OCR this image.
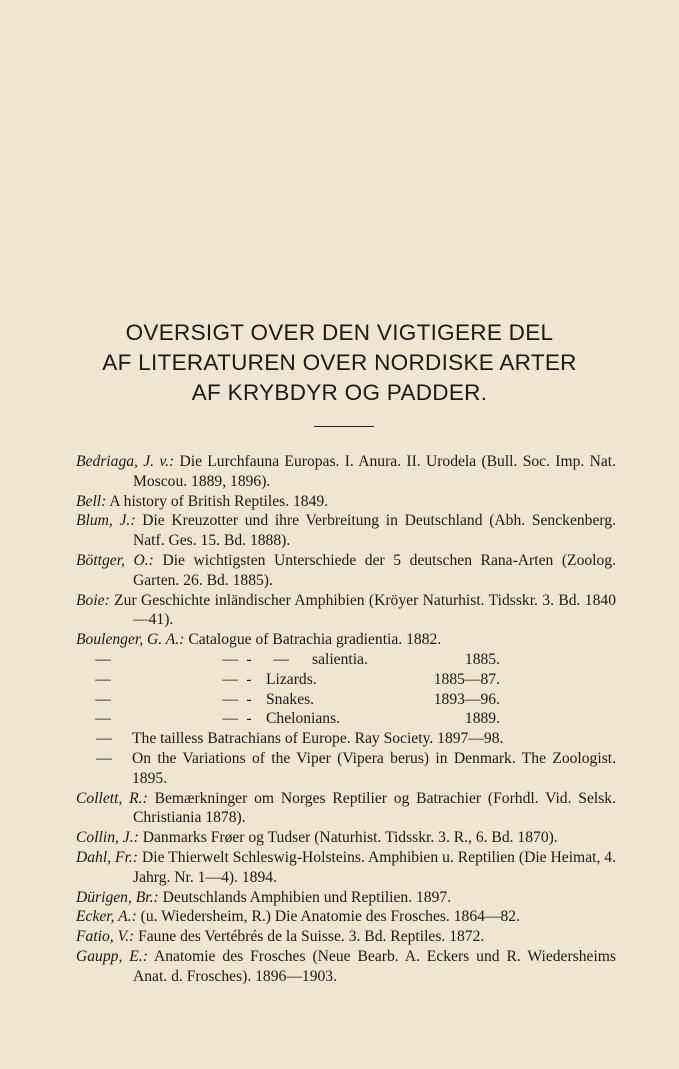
OVERSIGT OVER DEN VIGTIGERE DEL
AF LITERATUREN OVER NORDISKE ARTER
AF KRYBDYR OG PADDER.
Bedriaga, J. v.: Die Lurchfauna Europas. I. Anura. II. Urodela (Bull. Soc. Imp. Nat. Moscou. 1889, 1896).
Bell: A history of British Reptiles. 1849.
Blum, J.: Die Kreuzotter und ihre Verbreitung in Deutschland (Abh. Senckenberg. Natf. Ges. 15. Bd. 1888).
Böttger, O.: Die wichtigsten Unterschiede der 5 deutschen Rana-Arten (Zoolog. Garten. 26. Bd. 1885).
Boie: Zur Geschichte inländischer Amphibien (Kröyer Naturhist. Tidsskr. 3. Bd. 1840—41).
Boulenger, G. A.: Catalogue of Batrachia gradientia. 1882.
—	— -	—	salientia.	1885.
—	— - Lizards.	1885—87.
—	— - Snakes.	1893—96.
—	— - Chelonians.	1889.
—	The tailless Batrachians of Europe. Ray Society. 1897—98.
—	On the Variations of the Viper (Vipera berus) in Denmark. The Zoologist. 1895.
Collett, R.: Bemærkninger om Norges Reptilier og Batrachier (Forhdl. Vid. Selsk. Christiania 1878).
Collin, J.: Danmarks Frøer og Tudser (Naturhist. Tidsskr. 3. R., 6. Bd. 1870).
Dahl, Fr.: Die Thierwelt Schleswig-Holsteins. Amphibien u. Reptilien (Die Heimat, 4. Jahrg. Nr. 1—4). 1894.
Dürigen, Br.: Deutschlands Amphibien und Reptilien. 1897.
Ecker, A.: (u. Wiedersheim, R.) Die Anatomie des Frosches. 1864—82.
Fatio, V.: Faune des Vertébrés de la Suisse. 3. Bd. Reptiles. 1872.
Gaupp, E.: Anatomie des Frosches (Neue Bearb. A. Eckers und R. Wiedersheims Anat. d. Frosches). 1896—1903.
